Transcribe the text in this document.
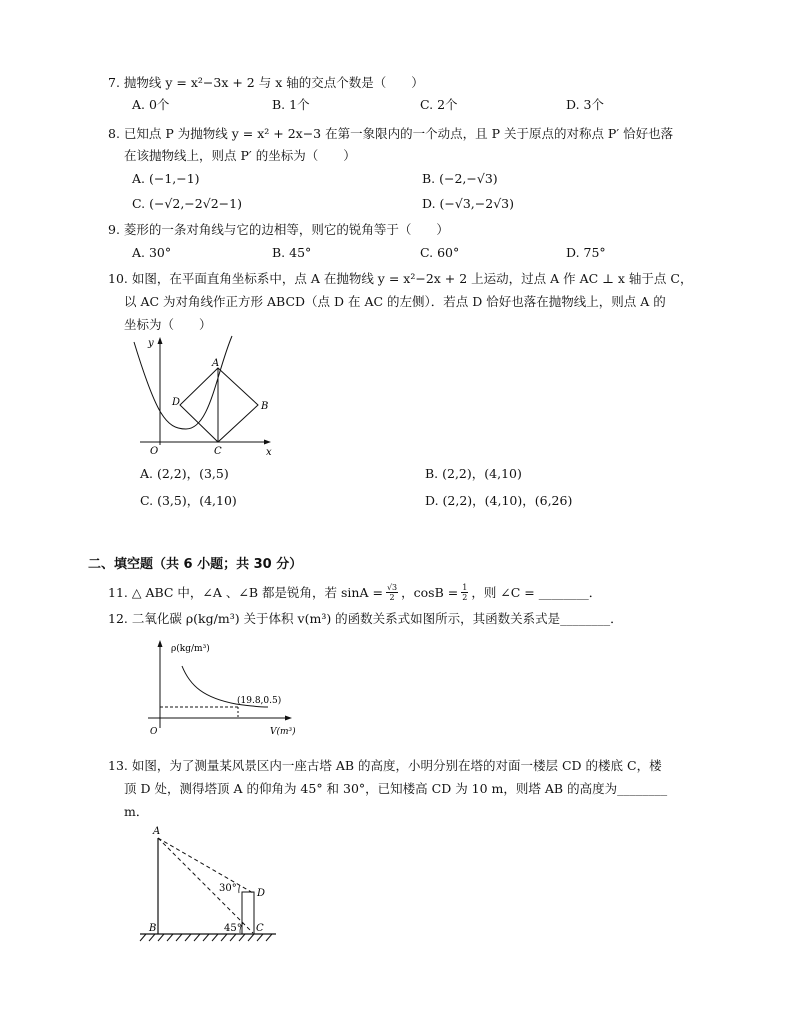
7. 抛物线 y = x²−3x + 2 与 x 轴的交点个数是（　　）
A. 0个	B. 1个	C. 2个	D. 3个
8. 已知点 P 为抛物线 y = x² + 2x−3 在第一象限内的一个动点，且 P 关于原点的对称点 P′ 恰好也落
在该抛物线上，则点 P′ 的坐标为（　　）
A. (−1,−1)	B. (−2,−√3)
C. (−√2,−2√2−1)	D. (−√3,−2√3)
9. 菱形的一条对角线与它的边相等，则它的锐角等于（　　）
A. 30°	B. 45°	C. 60°	D. 75°
10. 如图，在平面直角坐标系中，点 A 在抛物线 y = x²−2x + 2 上运动，过点 A 作 AC ⊥ x 轴于点 C，
以 AC 为对角线作正方形 ABCD（点 D 在 AC 的左侧）．若点 D 恰好也落在抛物线上，则点 A 的
坐标为（　　）
y
x
O
A
B
C
D
A. (2,2)，(3,5)	B. (2,2)，(4,10)
C. (3,5)，(4,10)	D. (2,2)，(4,10)，(6,26)
二、填空题（共 6 小题；共 30 分）
11. △ ABC 中，∠A 、∠B 都是锐角，若 $\sin A = \frac{√3}{2}$ ，$\cos B = \frac{1}{2}$ ，则 ∠C = ________．
12. 二氧化碳 ρ(kg/m³) 关于体积 v(m³) 的函数关系式如图所示，其函数关系式是________．
ρ(kg/m³)
(19.8,0.5)
V(m³)
O
13. 如图，为了测量某风景区内一座古塔 AB 的高度，小明分别在塔的对面一楼层 CD 的楼底 C，楼
顶 D 处，测得塔顶 A 的仰角为 45° 和 30°，已知楼高 CD 为 10 m，则塔 AB 的高度为________
m．
A
B	C
D
30°
45°
